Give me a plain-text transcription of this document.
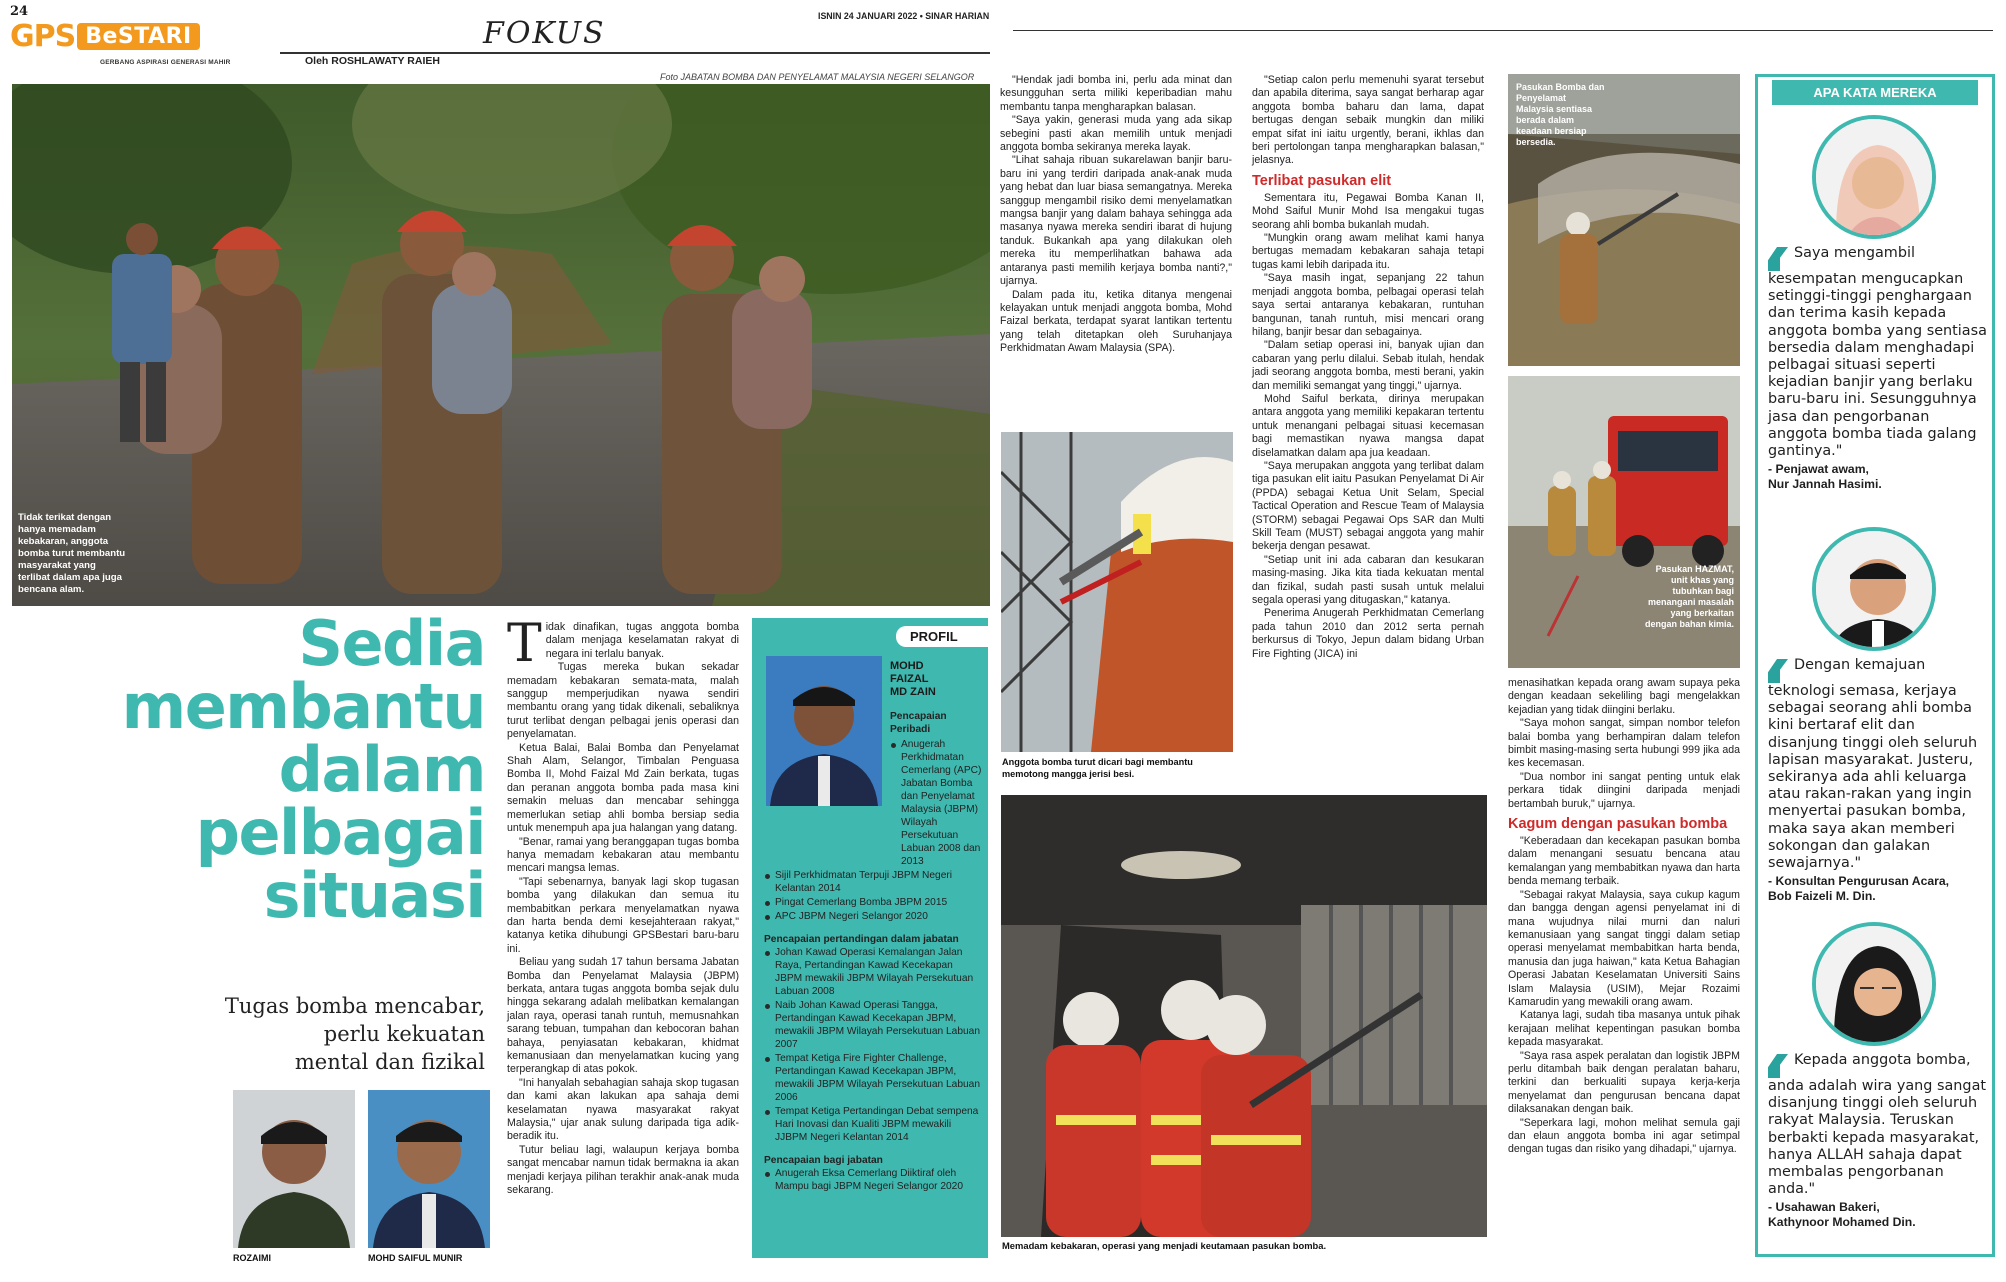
24
GPS BeSTARI
GERBANG ASPIRASI GENERASI MAHIR	Oleh ROSHLAWATY RAIEH
FOKUS	ISNIN 24 JANUARI 2022 • SINAR HARIAN
Foto JABATAN BOMBA DAN PENYELAMAT MALAYSIA NEGERI SELANGOR
Tidak terikat dengan hanya memadam kebakaran, anggota bomba turut membantu masyarakat yang terlibat dalam apa juga bencana alam.
Sedia
membantu
dalam
pelbagai
situasi
Tugas bomba mencabar,
perlu kekuatan
mental dan fizikal
ROZAIMI	MOHD SAIFUL MUNIR

Tidak dinafikan, tugas anggota bomba dalam menjaga keselamatan rakyat di negara ini terlalu banyak.

Tugas mereka bukan sekadar memadam kebakaran semata-mata, malah sanggup memperjudikan nyawa sendiri membantu orang yang tidak dikenali, sebaliknya turut terlibat dengan pelbagai jenis operasi dan penyelamatan.

Ketua Balai, Balai Bomba dan Penyelamat Shah Alam, Selangor, Timbalan Penguasa Bomba II, Mohd Faizal Md Zain berkata, tugas dan peranan anggota bomba pada masa kini semakin meluas dan mencabar sehingga memerlukan setiap ahli bomba bersiap sedia untuk menempuh apa jua halangan yang datang.

"Benar, ramai yang beranggapan tugas bomba hanya memadam kebakaran atau membantu mencari mangsa lemas.

"Tapi sebenarnya, banyak lagi skop tugasan bomba yang dilakukan dan semua itu membabitkan perkara menyelamatkan nyawa dan harta benda demi kesejahteraan rakyat," katanya ketika dihubungi GPSBestari baru-baru ini.

Beliau yang sudah 17 tahun bersama Jabatan Bomba dan Penyelamat Malaysia (JBPM) berkata, antara tugas anggota bomba sejak dulu hingga sekarang adalah melibatkan kemalangan jalan raya, operasi tanah runtuh, memusnahkan sarang tebuan, tumpahan dan kebocoran bahan bahaya, penyiasatan kebakaran, khidmat kemanusiaan dan menyelamatkan kucing yang terperangkap di atas pokok.

"Ini hanyalah sebahagian sahaja skop tugasan dan kami akan lakukan apa sahaja demi keselamatan nyawa masyarakat rakyat Malaysia," ujar anak sulung daripada tiga adik-beradik itu.

Tutur beliau lagi, walaupun kerjaya bomba sangat mencabar namun tidak bermakna ia akan menjadi kerjaya pilihan terakhir anak-anak muda sekarang.

PROFIL
MOHD
FAIZAL
MD ZAIN
Pencapaian Peribadi
Anugerah Perkhidmatan Cemerlang (APC) Jabatan Bomba dan Penyelamat Malaysia (JBPM) Wilayah Persekutuan Labuan 2008 dan 2013
Sijil Perkhidmatan Terpuji JBPM Negeri Kelantan 2014
Pingat Cemerlang Bomba JBPM 2015
APC JBPM Negeri Selangor 2020
Pencapaian pertandingan dalam jabatan
Johan Kawad Operasi Kemalangan Jalan Raya, Pertandingan Kawad Kecekapan JBPM mewakili JBPM Wilayah Persekutuan Labuan 2008
Naib Johan Kawad Operasi Tangga, Pertandingan Kawad Kecekapan JBPM, mewakili JBPM Wilayah Persekutuan Labuan 2007
Tempat Ketiga Fire Fighter Challenge, Pertandingan Kawad Kecekapan JBPM, mewakili JBPM Wilayah Persekutuan Labuan 2006
Tempat Ketiga Pertandingan Debat sempena Hari Inovasi dan Kualiti JBPM mewakili JJBPM Negeri Kelantan 2014
Pencapaian bagi jabatan
Anugerah Eksa Cemerlang Diiktiraf oleh Mampu bagi JBPM Negeri Selangor 2020

"Hendak jadi bomba ini, perlu ada minat dan kesungguhan serta miliki keperibadian mahu membantu tanpa mengharapkan balasan.

"Saya yakin, generasi muda yang ada sikap sebegini pasti akan memilih untuk menjadi anggota bomba sekiranya mereka layak.

"Lihat sahaja ribuan sukarelawan banjir baru-baru ini yang terdiri daripada anak-anak muda yang hebat dan luar biasa semangatnya. Mereka sanggup mengambil risiko demi menyelamatkan mangsa banjir yang dalam bahaya sehingga ada masanya nyawa mereka sendiri ibarat di hujung tanduk. Bukankah apa yang dilakukan oleh mereka itu memperlihatkan bahawa ada antaranya pasti memilih kerjaya bomba nanti?," ujarnya.

Dalam pada itu, ketika ditanya mengenai kelayakan untuk menjadi anggota bomba, Mohd Faizal berkata, terdapat syarat lantikan tertentu yang telah ditetapkan oleh Suruhanjaya Perkhidmatan Awam Malaysia (SPA).

"Setiap calon perlu memenuhi syarat tersebut dan apabila diterima, saya sangat berharap agar anggota bomba baharu dan lama, dapat bertugas dengan sebaik mungkin dan miliki empat sifat ini iaitu urgently, berani, ikhlas dan beri pertolongan tanpa mengharapkan balasan," jelasnya.

Terlibat pasukan elit

Sementara itu, Pegawai Bomba Kanan II, Mohd Saiful Munir Mohd Isa mengakui tugas seorang ahli bomba bukanlah mudah.

"Mungkin orang awam melihat kami hanya bertugas memadam kebakaran sahaja tetapi tugas kami lebih daripada itu.

"Saya masih ingat, sepanjang 22 tahun menjadi anggota bomba, pelbagai operasi telah saya sertai antaranya kebakaran, runtuhan bangunan, tanah runtuh, misi mencari orang hilang, banjir besar dan sebagainya.

"Dalam setiap operasi ini, banyak ujian dan cabaran yang perlu dilalui. Sebab itulah, hendak jadi seorang anggota bomba, mesti berani, yakin dan memiliki semangat yang tinggi," ujarnya.

Mohd Saiful berkata, dirinya merupakan antara anggota yang memiliki kepakaran tertentu untuk menangani pelbagai situasi kecemasan bagi memastikan nyawa mangsa dapat diselamatkan dalam apa jua keadaan.

"Saya merupakan anggota yang terlibat dalam tiga pasukan elit iaitu Pasukan Penyelamat Di Air (PPDA) sebagai Ketua Unit Selam, Special Tactical Operation and Rescue Team of Malaysia (STORM) sebagai Pegawai Ops SAR dan Multi Skill Team (MUST) sebagai anggota yang mahir bekerja dengan pesawat.

"Setiap unit ini ada cabaran dan kesukaran masing-masing. Jika kita tiada kekuatan mental dan fizikal, sudah pasti susah untuk melalui segala operasi yang ditugaskan," katanya.

Penerima Anugerah Perkhidmatan Cemerlang pada tahun 2010 dan 2012 serta pernah berkursus di Tokyo, Jepun dalam bidang Urban Fire Fighting (JICA) ini

Anggota bomba turut dicari bagi membantu memotong mangga jerisi besi.
Memadam kebakaran, operasi yang menjadi keutamaan pasukan bomba.

menasihatkan kepada orang awam supaya peka dengan keadaan sekeliling bagi mengelakkan kejadian yang tidak diingini berlaku.

"Saya mohon sangat, simpan nombor telefon balai bomba yang berhampiran dalam telefon bimbit masing-masing serta hubungi 999 jika ada kes kecemasan.

"Dua nombor ini sangat penting untuk elak perkara tidak diingini daripada menjadi bertambah buruk," ujarnya.

Kagum dengan pasukan bomba

"Keberadaan dan kecekapan pasukan bomba dalam menangani sesuatu bencana atau kemalangan yang membabitkan nyawa dan harta benda memang terbaik.

"Sebagai rakyat Malaysia, saya cukup kagum dan bangga dengan agensi penyelamat ini di mana wujudnya nilai murni dan naluri kemanusiaan yang sangat tinggi dalam setiap operasi menyelamat membabitkan harta benda, manusia dan juga haiwan," kata Ketua Bahagian Operasi Jabatan Keselamatan Universiti Sains Islam Malaysia (USIM), Mejar Rozaimi Kamarudin yang mewakili orang awam.

Katanya lagi, sudah tiba masanya untuk pihak kerajaan melihat kepentingan pasukan bomba kepada masyarakat.

"Saya rasa aspek peralatan dan logistik JBPM perlu ditambah baik dengan peralatan baharu, terkini dan berkualiti supaya kerja-kerja menyelamat dan pengurusan bencana dapat dilaksanakan dengan baik.

"Seperkara lagi, mohon melihat semula gaji dan elaun anggota bomba ini agar setimpal dengan tugas dan risiko yang dihadapi," ujarnya.

Pasukan Bomba dan Penyelamat Malaysia sentiasa berada dalam keadaan bersiap bersedia.
Pasukan HAZMAT, unit khas yang tubuhkan bagi menangani masalah yang berkaitan dengan bahan kimia.
APA KATA MEREKA
Saya mengambil kesempatan mengucapkan setinggi-tinggi penghargaan dan terima kasih kepada anggota bomba yang sentiasa bersedia dalam menghadapi pelbagai situasi seperti kejadian banjir yang berlaku baru-baru ini. Sesungguhnya jasa dan pengorbanan anggota bomba tiada galang gantinya."
- Penjawat awam,
Nur Jannah Hasimi.
Dengan kemajuan teknologi semasa, kerjaya sebagai seorang ahli bomba kini bertaraf elit dan disanjung tinggi oleh seluruh lapisan masyarakat. Justeru, sekiranya ada ahli keluarga atau rakan-rakan yang ingin menyertai pasukan bomba, maka saya akan memberi sokongan dan galakan sewajarnya."
- Konsultan Pengurusan Acara,
Bob Faizeli M. Din.
Kepada anggota bomba, anda adalah wira yang sangat disanjung tinggi oleh seluruh rakyat Malaysia. Teruskan berbakti kepada masyarakat, hanya ALLAH sahaja dapat membalas pengorbanan anda."
- Usahawan Bakeri,
Kathynoor Mohamed Din.
